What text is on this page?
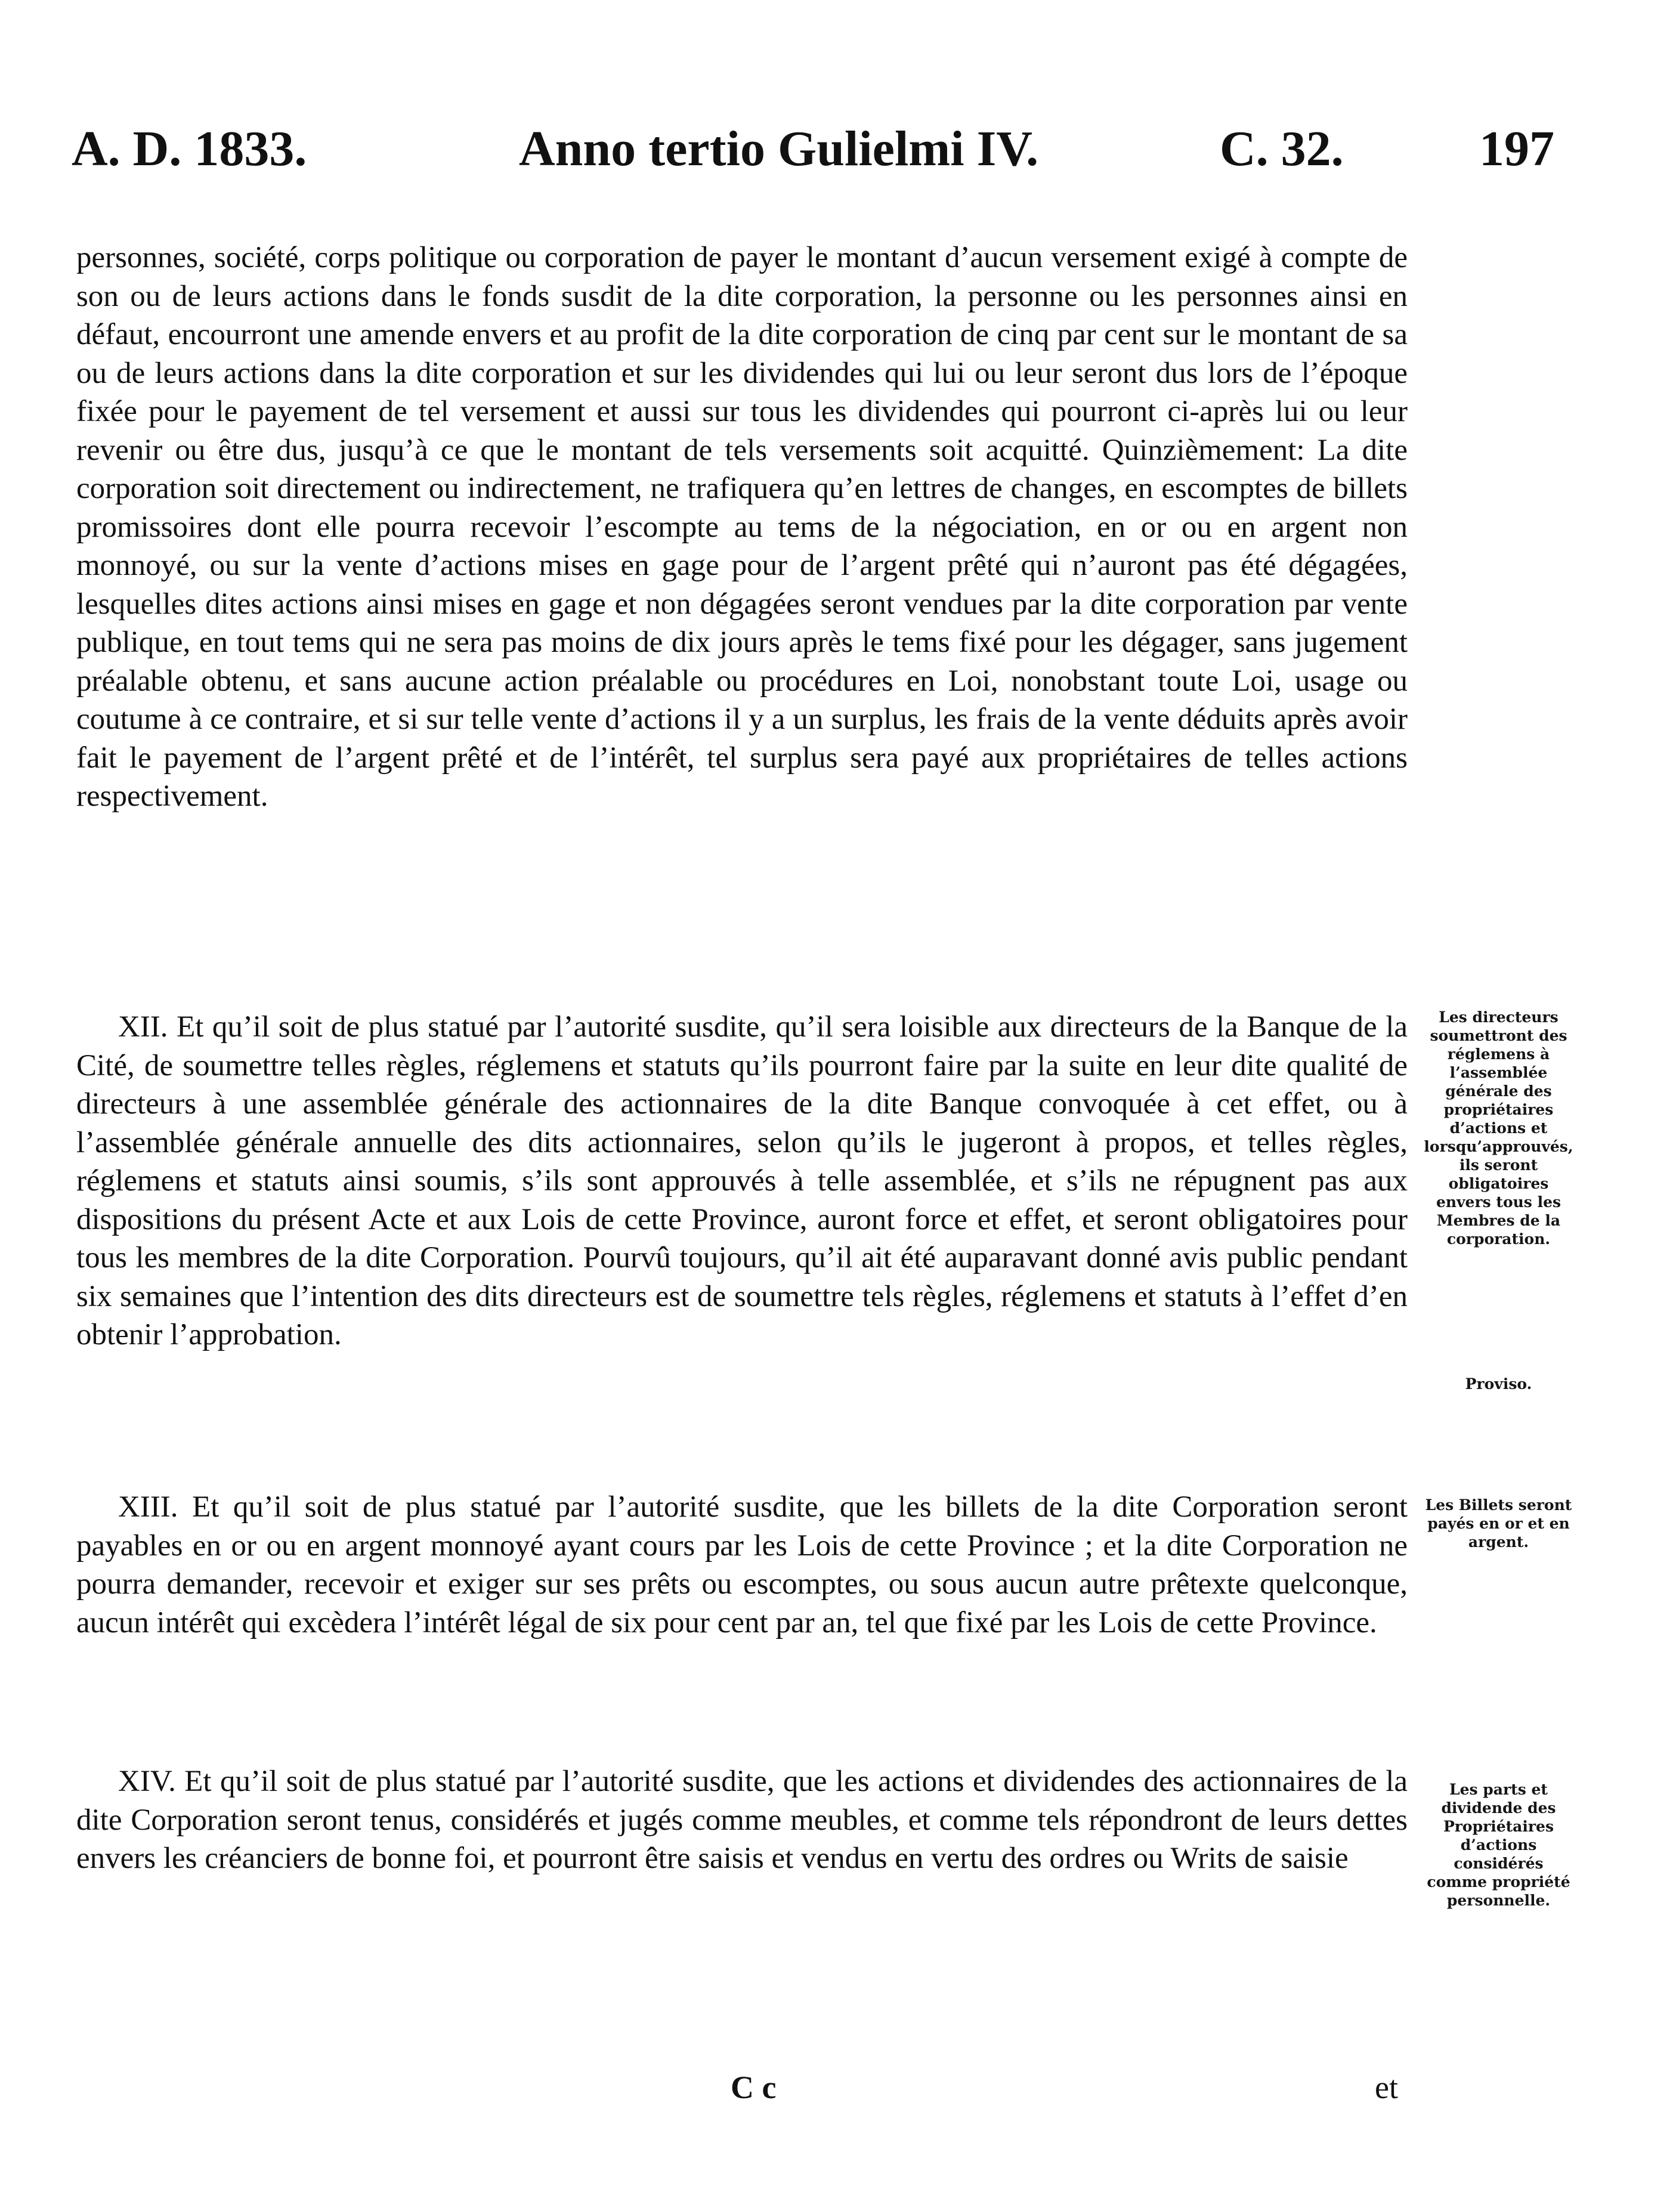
A. D. 1833.	Anno tertio Gulielmi IV.	C. 32.	197

personnes, société, corps politique ou corporation de payer le montant d’aucun versement exigé à compte de son ou de leurs actions dans le fonds susdit de la dite corporation, la personne ou les personnes ainsi en défaut, encourront une amende envers et au profit de la dite corporation de cinq par cent sur le montant de sa ou de leurs actions dans la dite corporation et sur les dividendes qui lui ou leur seront dus lors de l’époque fixée pour le payement de tel versement et aussi sur tous les dividendes qui pourront ci-après lui ou leur revenir ou être dus, jusqu’à ce que le montant de tels versements soit acquitté. Quinzièmement: La dite corporation soit directement ou indirectement, ne trafiquera qu’en lettres de changes, en escomptes de billets promissoires dont elle pourra recevoir l’escompte au tems de la négociation, en or ou en argent non monnoyé, ou sur la vente d’actions mises en gage pour de l’argent prêté qui n’auront pas été dégagées, lesquelles dites actions ainsi mises en gage et non dégagées seront vendues par la dite corporation par vente publique, en tout tems qui ne sera pas moins de dix jours après le tems fixé pour les dégager, sans jugement préalable obtenu, et sans aucune action préalable ou procédures en Loi, nonobstant toute Loi, usage ou coutume à ce contraire, et si sur telle vente d’actions il y a un surplus, les frais de la vente déduits après avoir fait le payement de l’argent prêté et de l’intérêt, tel surplus sera payé aux propriétaires de telles actions respectivement.

XII. Et qu’il soit de plus statué par l’autorité susdite, qu’il sera loisible aux directeurs de la Banque de la Cité, de soumettre telles règles, réglemens et statuts qu’ils pourront faire par la suite en leur dite qualité de directeurs à une assemblée générale des actionnaires de la dite Banque convoquée à cet effet, ou à l’assemblée générale annuelle des dits actionnaires, selon qu’ils le jugeront à propos, et telles règles, réglemens et statuts ainsi soumis, s’ils sont approuvés à telle assemblée, et s’ils ne répugnent pas aux dispositions du présent Acte et aux Lois de cette Province, auront force et effet, et seront obligatoires pour tous les membres de la dite Corporation. Pourvû toujours, qu’il ait été auparavant donné avis public pendant six semaines que l’intention des dits directeurs est de soumettre tels règles, réglemens et statuts à l’effet d’en obtenir l’approbation.

XIII. Et qu’il soit de plus statué par l’autorité susdite, que les billets de la dite Corporation seront payables en or ou en argent monnoyé ayant cours par les Lois de cette Province ; et la dite Corporation ne pourra demander, recevoir et exiger sur ses prêts ou escomptes, ou sous aucun autre prêtexte quelconque, aucun intérêt qui excèdera l’intérêt légal de six pour cent par an, tel que fixé par les Lois de cette Province.

XIV. Et qu’il soit de plus statué par l’autorité susdite, que les actions et dividendes des actionnaires de la dite Corporation seront tenus, considérés et jugés comme meubles, et comme tels répondront de leurs dettes envers les créanciers de bonne foi, et pourront être saisis et vendus en vertu des ordres ou Writs de saisie

Les directeurs soumettront des réglemens à l’assemblée générale des propriétaires d’actions et lorsqu’approuvés, ils seront obligatoires envers tous les Membres de la corporation.
Proviso.
Les Billets seront payés en or et en argent.
Les parts et dividende des Propriétaires d’actions considérés comme propriété personnelle.
C c	et
